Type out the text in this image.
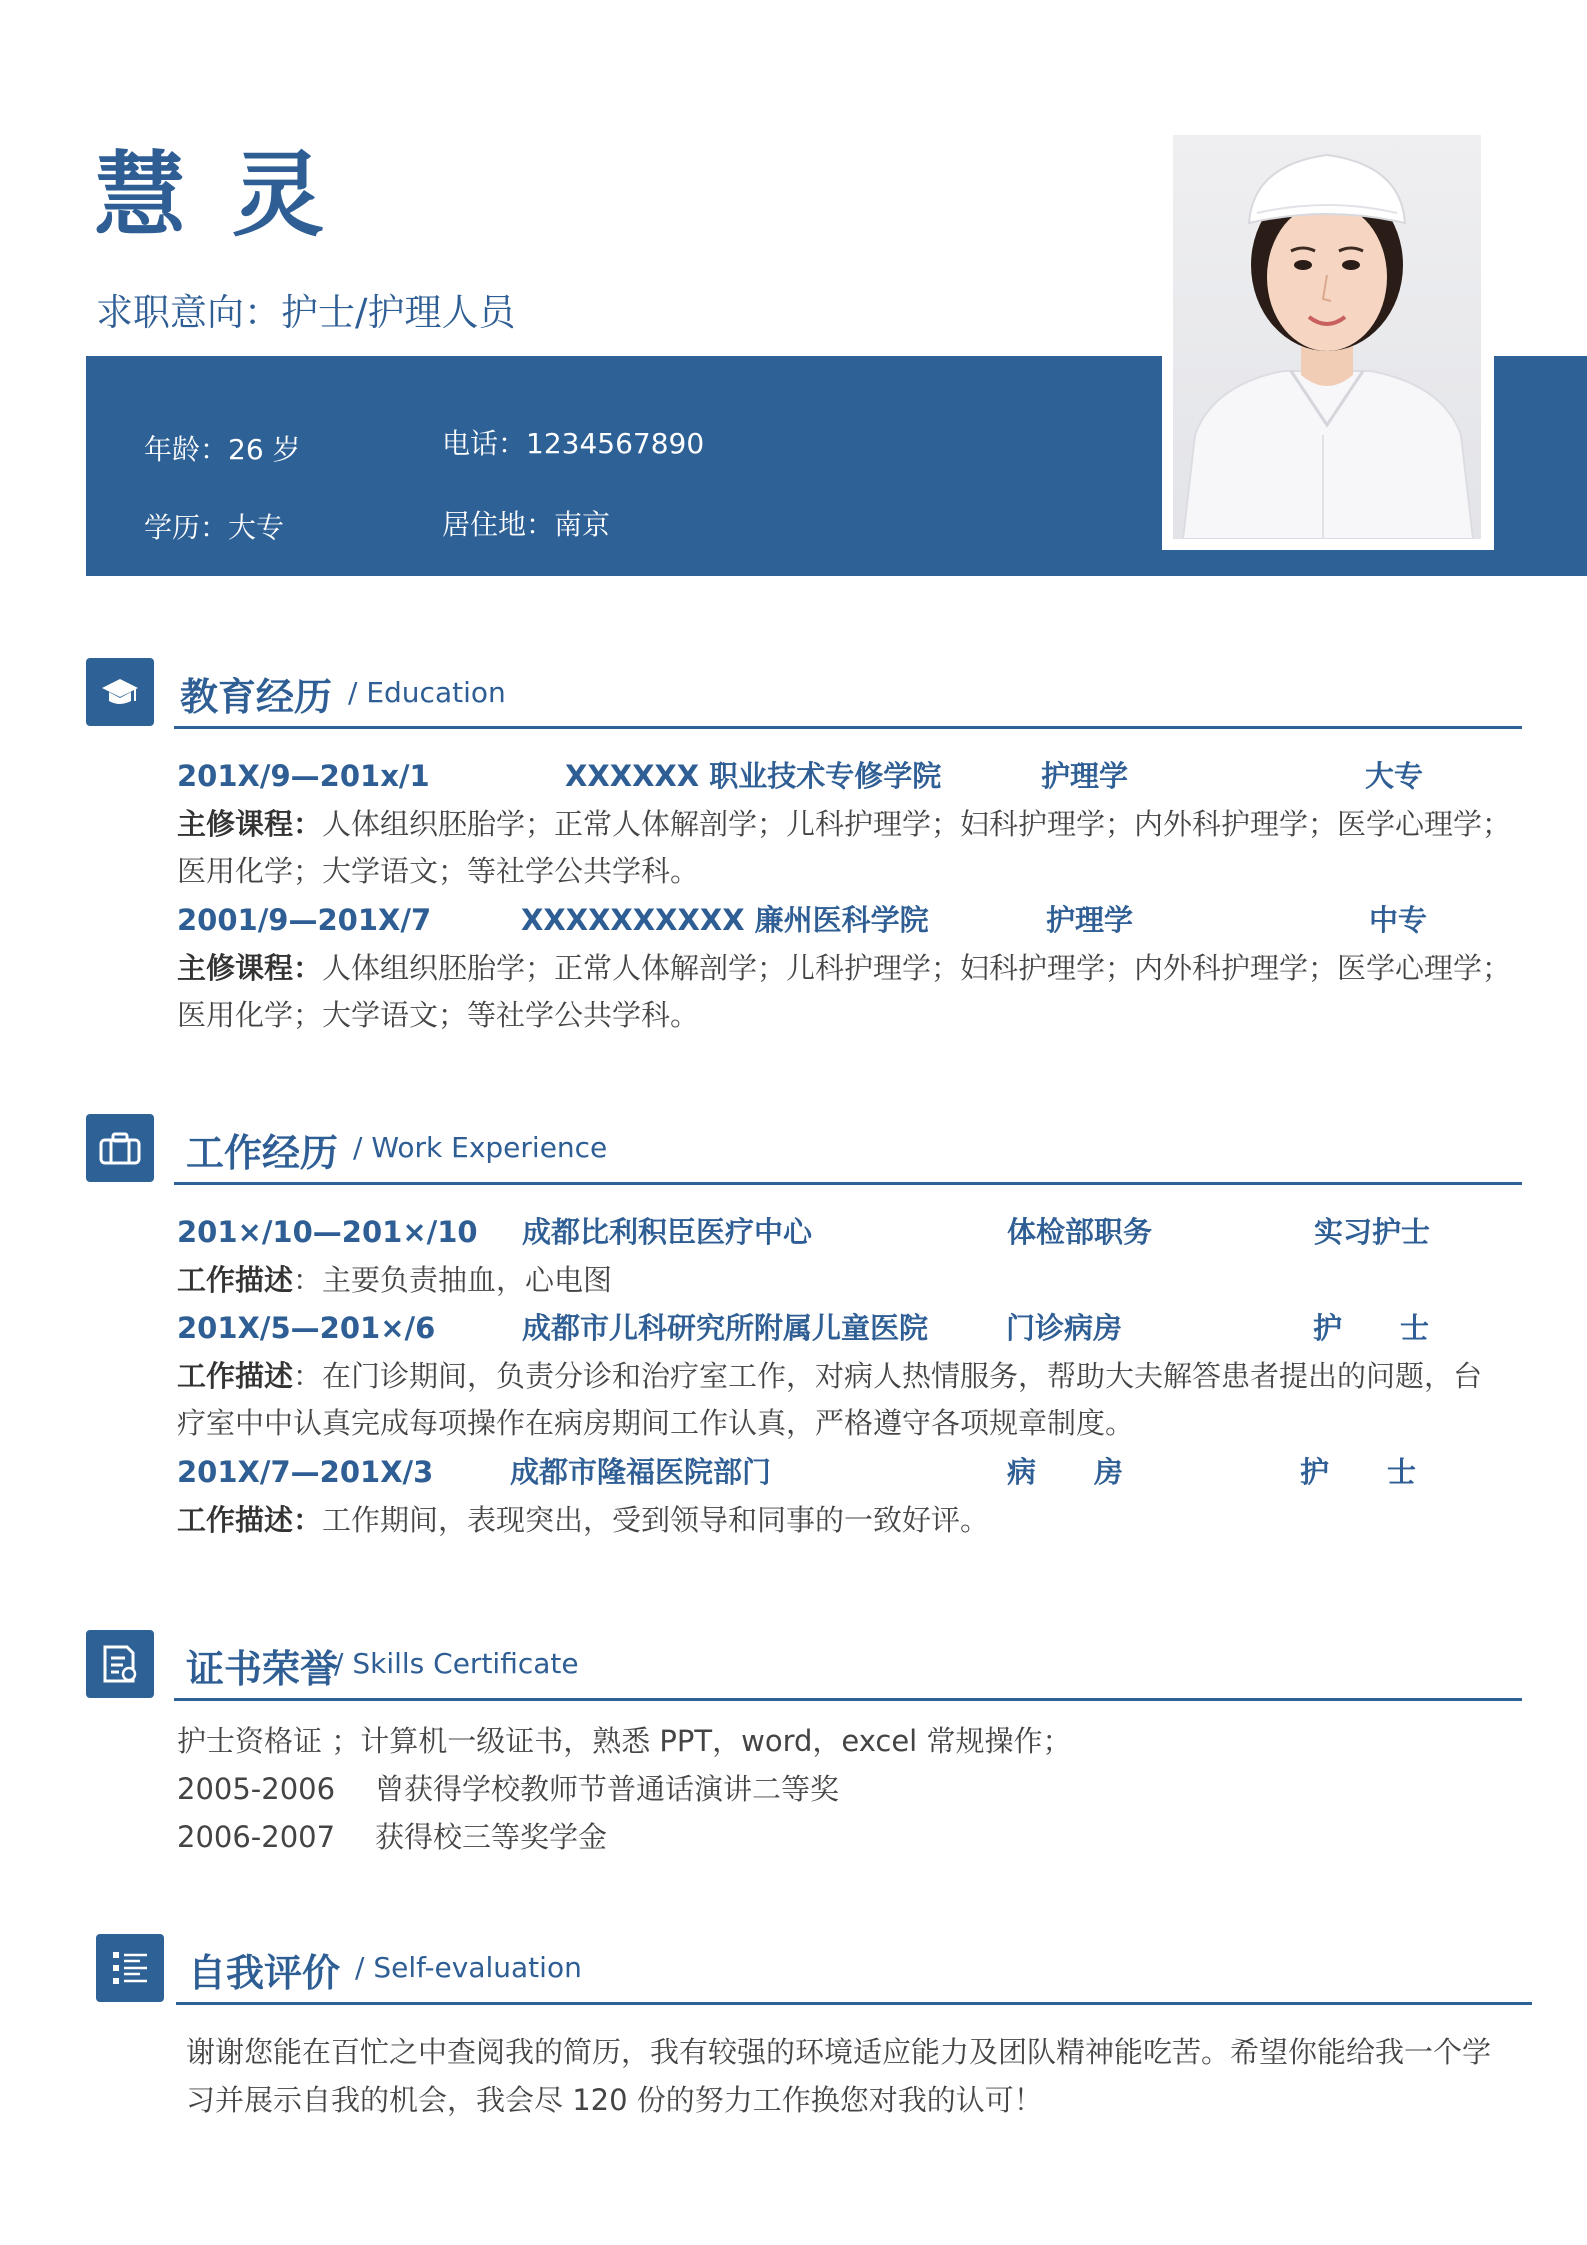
慧灵
求职意向：护士/护理人员
年龄：26 岁	电话：1234567890
学历：大专	居住地：南京
教育经历 / Education
201X/9—201x/1	XXXXXX 职业技术专修学院	护理学	大专
主修课程：人体组织胚胎学；正常人体解剖学；儿科护理学；妇科护理学；内外科护理学；医学心理学；
医用化学；大学语文；等社学公共学科。
2001/9—201X/7	XXXXXXXXXX 廉州医科学院	护理学	中专
主修课程：人体组织胚胎学；正常人体解剖学；儿科护理学；妇科护理学；内外科护理学；医学心理学；
医用化学；大学语文；等社学公共学科。
工作经历 / Work Experience
201×/10—201×/10 成都比利积臣医疗中心	体检部职务	实习护士
工作描述：主要负责抽血，心电图
201X/5—201×/6	成都市儿科研究所附属儿童医院	门诊病房	护　　士
工作描述：在门诊期间，负责分诊和治疗室工作，对病人热情服务，帮助大夫解答患者提出的问题，台
疗室中中认真完成每项操作在病房期间工作认真，严格遵守各项规章制度。
201X/7—201X/3	成都市隆福医院部门	病　　房	护　　士
工作描述：工作期间，表现突出，受到领导和同事的一致好评。
证书荣誉
/ Skills Certificate
护士资格证 ；计算机一级证书，熟悉 PPT，word，excel 常规操作；
2005-2006 曾获得学校教师节普通话演讲二等奖
2006-2007 获得校三等奖学金
自我评价 / Self-evaluation
谢谢您能在百忙之中查阅我的简历，我有较强的环境适应能力及团队精神能吃苦。希望你能给我一个学
习并展示自我的机会，我会尽 120 份的努力工作换您对我的认可！
